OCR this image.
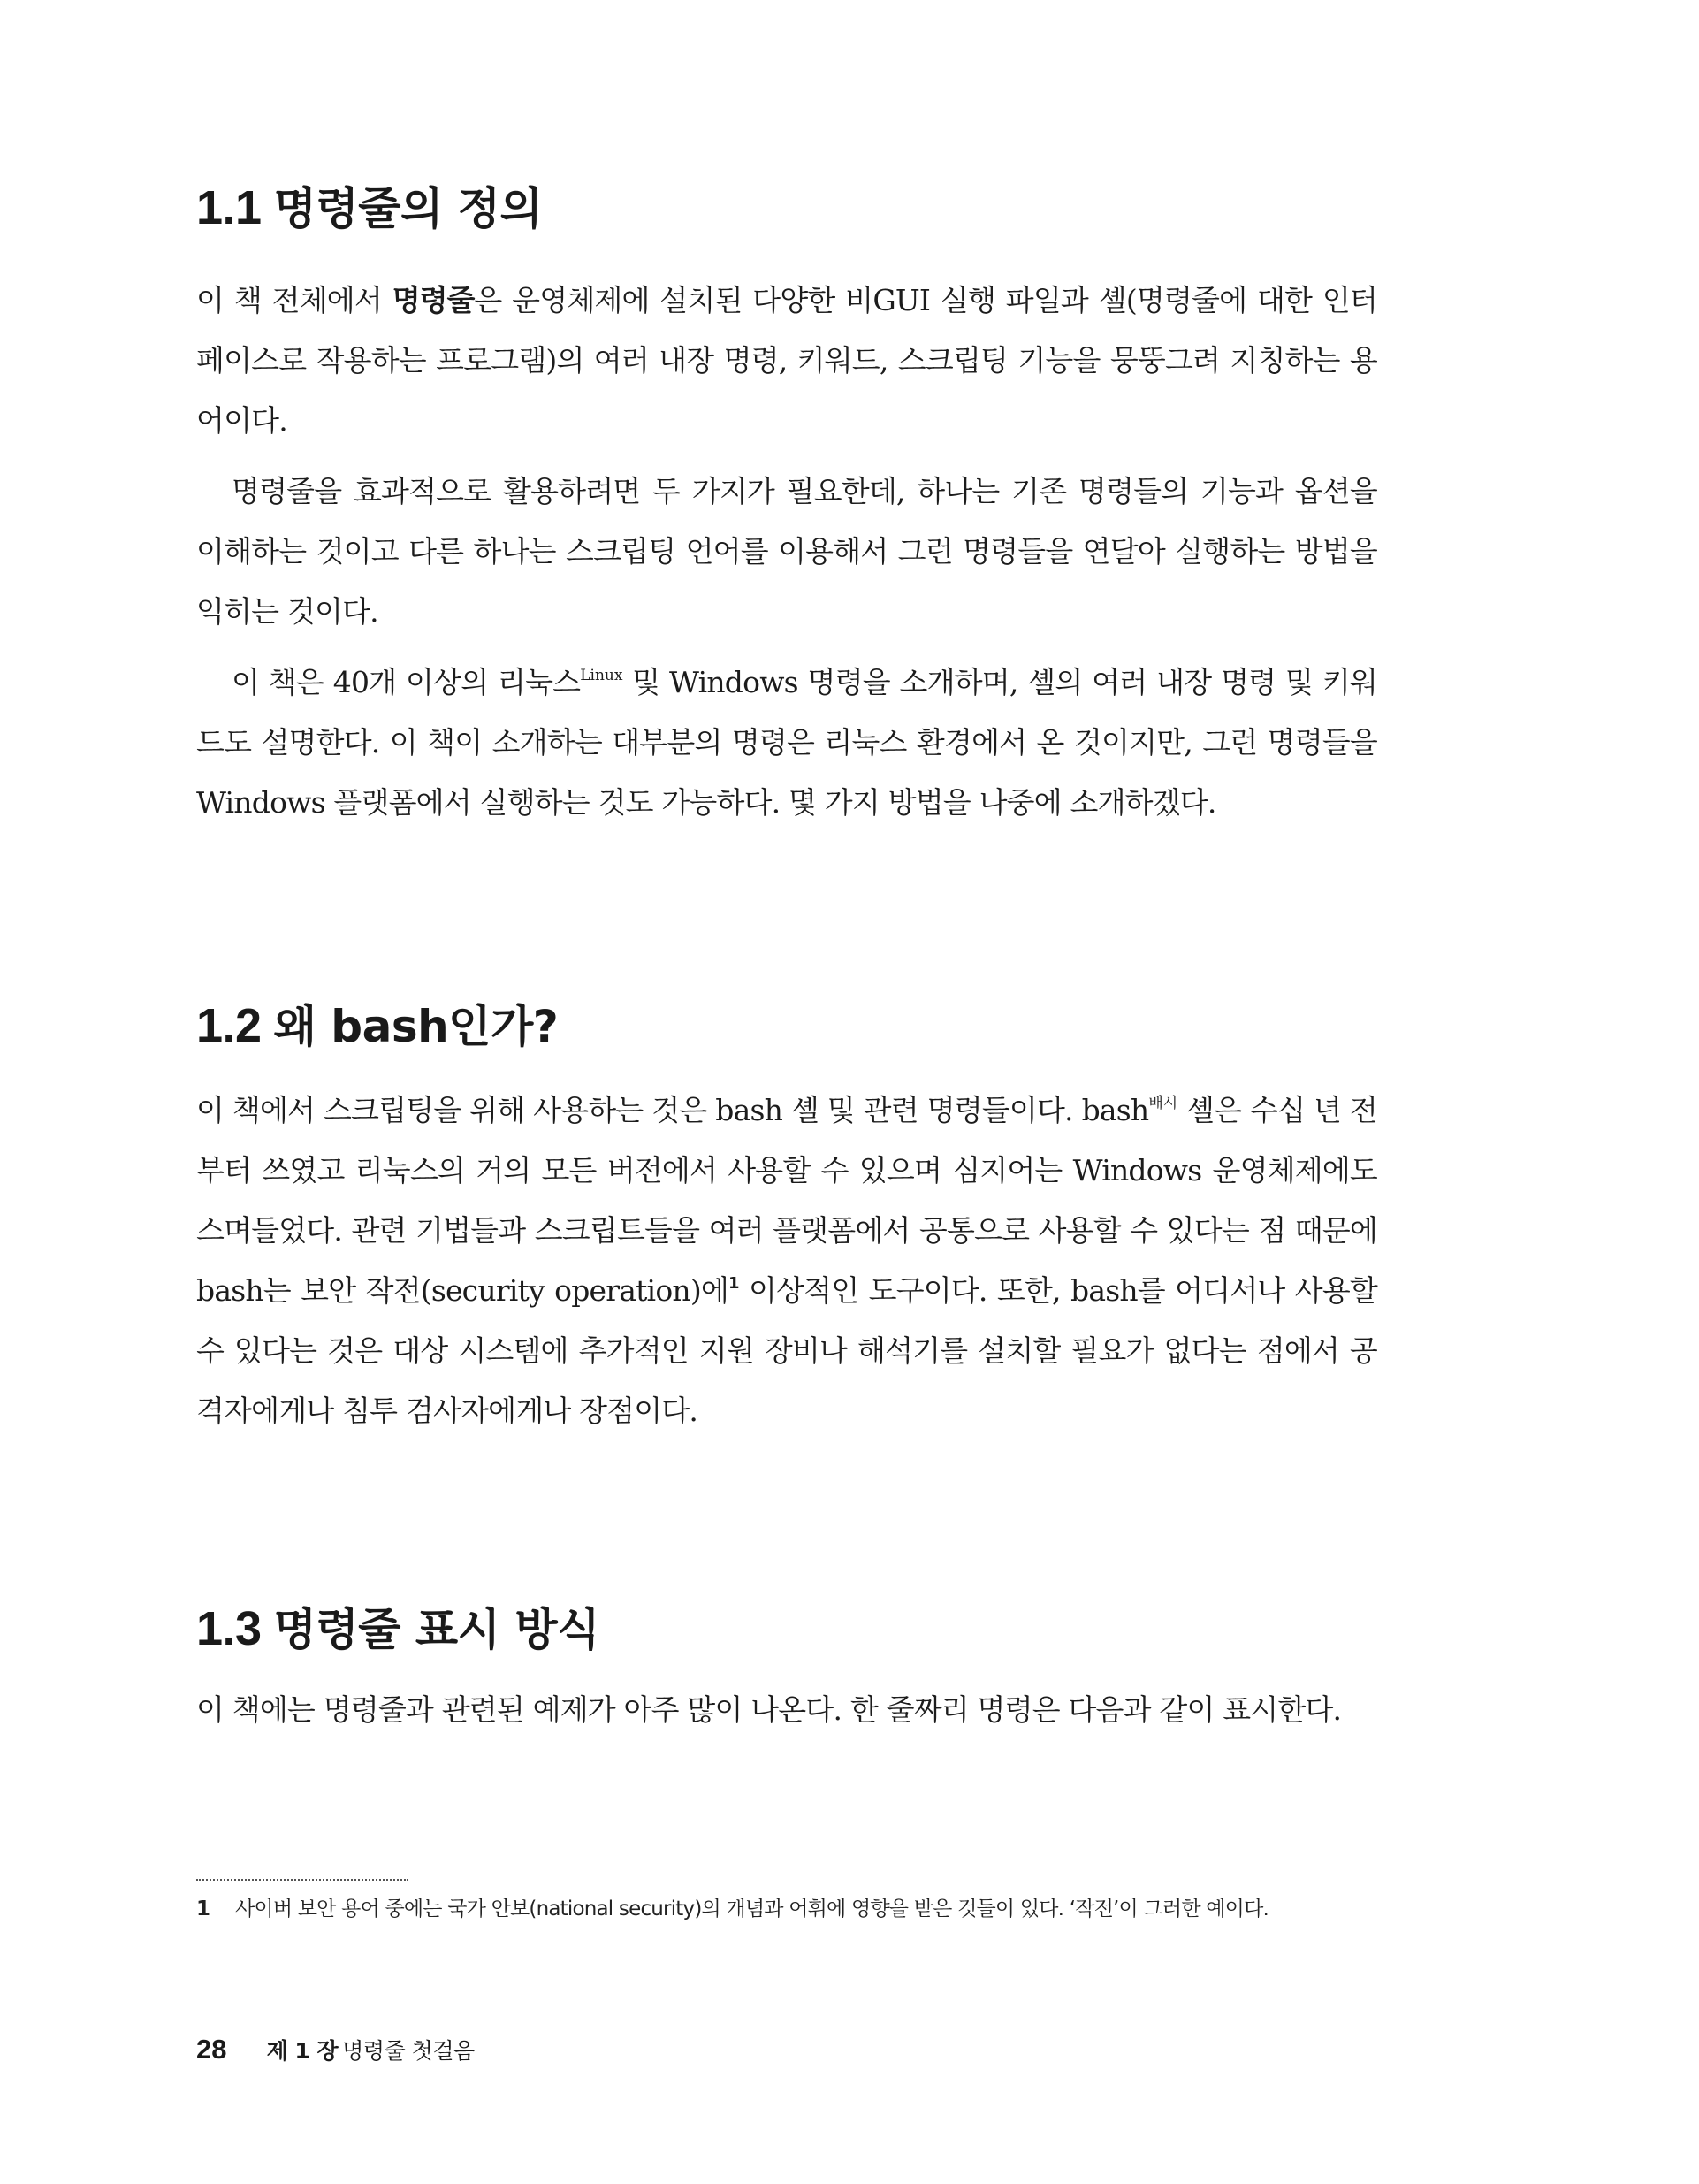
1.1 명령줄의 정의

이 책 전체에서 명령줄은 운영체제에 설치된 다양한 비GUI 실행 파일과 셸(명령줄에 대한 인터페이스로 작용하는 프로그램)의 여러 내장 명령, 키워드, 스크립팅 기능을 뭉뚱그려 지칭하는 용어이다.

명령줄을 효과적으로 활용하려면 두 가지가 필요한데, 하나는 기존 명령들의 기능과 옵션을 이해하는 것이고 다른 하나는 스크립팅 언어를 이용해서 그런 명령들을 연달아 실행하는 방법을 익히는 것이다.

이 책은 40개 이상의 리눅스$^{Linux}$ 및 Windows 명령을 소개하며, 셸의 여러 내장 명령 및 키워드도 설명한다. 이 책이 소개하는 대부분의 명령은 리눅스 환경에서 온 것이지만, 그런 명령들을 Windows 플랫폼에서 실행하는 것도 가능하다. 몇 가지 방법을 나중에 소개하겠다.

1.2 왜 bash인가?

이 책에서 스크립팅을 위해 사용하는 것은 bash 셸 및 관련 명령들이다. bash$^{배시}$ 셸은 수십 년 전부터 쓰였고 리눅스의 거의 모든 버전에서 사용할 수 있으며 심지어는 Windows 운영체제에도 스며들었다. 관련 기법들과 스크립트들을 여러 플랫폼에서 공통으로 사용할 수 있다는 점 때문에 bash는 보안 작전(security operation)에$^1$ 이상적인 도구이다. 또한, bash를 어디서나 사용할 수 있다는 것은 대상 시스템에 추가적인 지원 장비나 해석기를 설치할 필요가 없다는 점에서 공격자에게나 침투 검사자에게나 장점이다.

1.3 명령줄 표시 방식

이 책에는 명령줄과 관련된 예제가 아주 많이 나온다. 한 줄짜리 명령은 다음과 같이 표시한다.

1 사이버 보안 용어 중에는 국가 안보(national security)의 개념과 어휘에 영향을 받은 것들이 있다. ‘작전’이 그러한 예이다.
28 제 1 장 명령줄 첫걸음
